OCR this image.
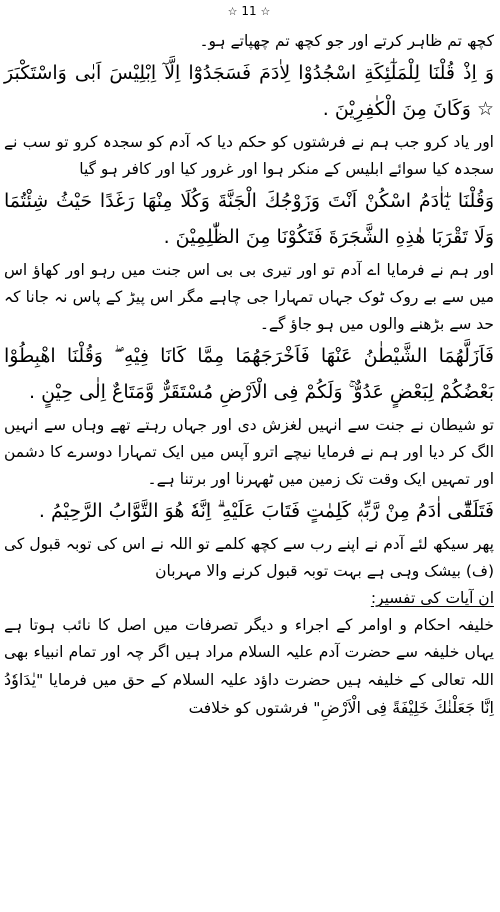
☆ 11 ☆
کچھ تم ظاہر کرتے اور جو کچھ تم چھپاتے ہو۔
وَ اِذْ قُلْنَا لِلْمَلٰٓئِكَةِ اسْجُدُوْا لِاٰدَمَ فَسَجَدُوْٓا اِلَّآ اِبْلِيْسَ اَبٰى وَاسْتَكْبَرَ ☆ وَكَانَ مِنَ الْكٰفِرِيْنَ .
اور یاد کرو جب ہم نے فرشتوں کو حکم دیا کہ آدم کو سجدہ کرو تو سب نے سجدہ کیا سوائے ابلیس کے منکر ہوا اور غرور کیا اور کافر ہو گیا
وَقُلْنَا يٰٓاٰدَمُ اسْكُنْ اَنْتَ وَزَوْجُكَ الْجَنَّةَ وَكُلَا مِنْهَا رَغَدًا حَيْثُ شِئْتُمَا وَلَا تَقْرَبَا هٰذِهِ الشَّجَرَةَ فَتَكُوْنَا مِنَ الظّٰلِمِيْنَ .
اور ہم نے فرمایا اے آدم تو اور تیری بی بی اس جنت میں رہو اور کھاؤ اس میں سے بے روک ٹوک جہاں تمہارا جی چاہے مگر اس پیڑ کے پاس نہ جانا کہ حد سے بڑھنے والوں میں ہو جاؤ گے۔
فَاَزَلَّهُمَا الشَّيْطٰنُ عَنْهَا فَاَخْرَجَهُمَا مِمَّا كَانَا فِيْهِ ۖ وَقُلْنَا اهْبِطُوْا بَعْضُكُمْ لِبَعْضٍ عَدُوٌّ ۚ وَلَكُمْ فِى الْاَرْضِ مُسْتَقَرٌّ وَّمَتَاعٌ اِلٰى حِيْنٍ .
تو شیطان نے جنت سے انہیں لغزش دی اور جہاں رہتے تھے وہاں سے انہیں الگ کر دیا اور ہم نے فرمایا نیچے اترو آپس میں ایک تمہارا دوسرے کا دشمن اور تمہیں ایک وقت تک زمین میں ٹھہرنا اور برتنا ہے۔
فَتَلَقّٰٓى اٰدَمُ مِنْ رَّبِّهٖ كَلِمٰتٍ فَتَابَ عَلَيْهِ ۗ اِنَّهٗ هُوَ التَّوَّابُ الرَّحِيْمُ .
پھر سیکھ لئے آدم نے اپنے رب سے کچھ کلمے تو اللہ نے اس کی توبہ قبول کی (ف) بیشک وہی ہے بہت توبہ قبول کرنے والا مہربان
ان آیات کی تفسیر:
خلیفہ احکام و اوامر کے اجراء و دیگر تصرفات میں اصل کا نائب ہوتا ہے یہاں خلیفہ سے حضرت آدم علیہ السلام مراد ہیں اگر چہ اور تمام انبیاء بھی اللہ تعالی کے خلیفہ ہیں حضرت داؤد علیہ السلام کے حق میں فرمایا "يٰدَاوٗدُ اِنَّا جَعَلْنٰكَ خَلِيْفَةً فِى الْاَرْضِ" فرشتوں کو خلافت
